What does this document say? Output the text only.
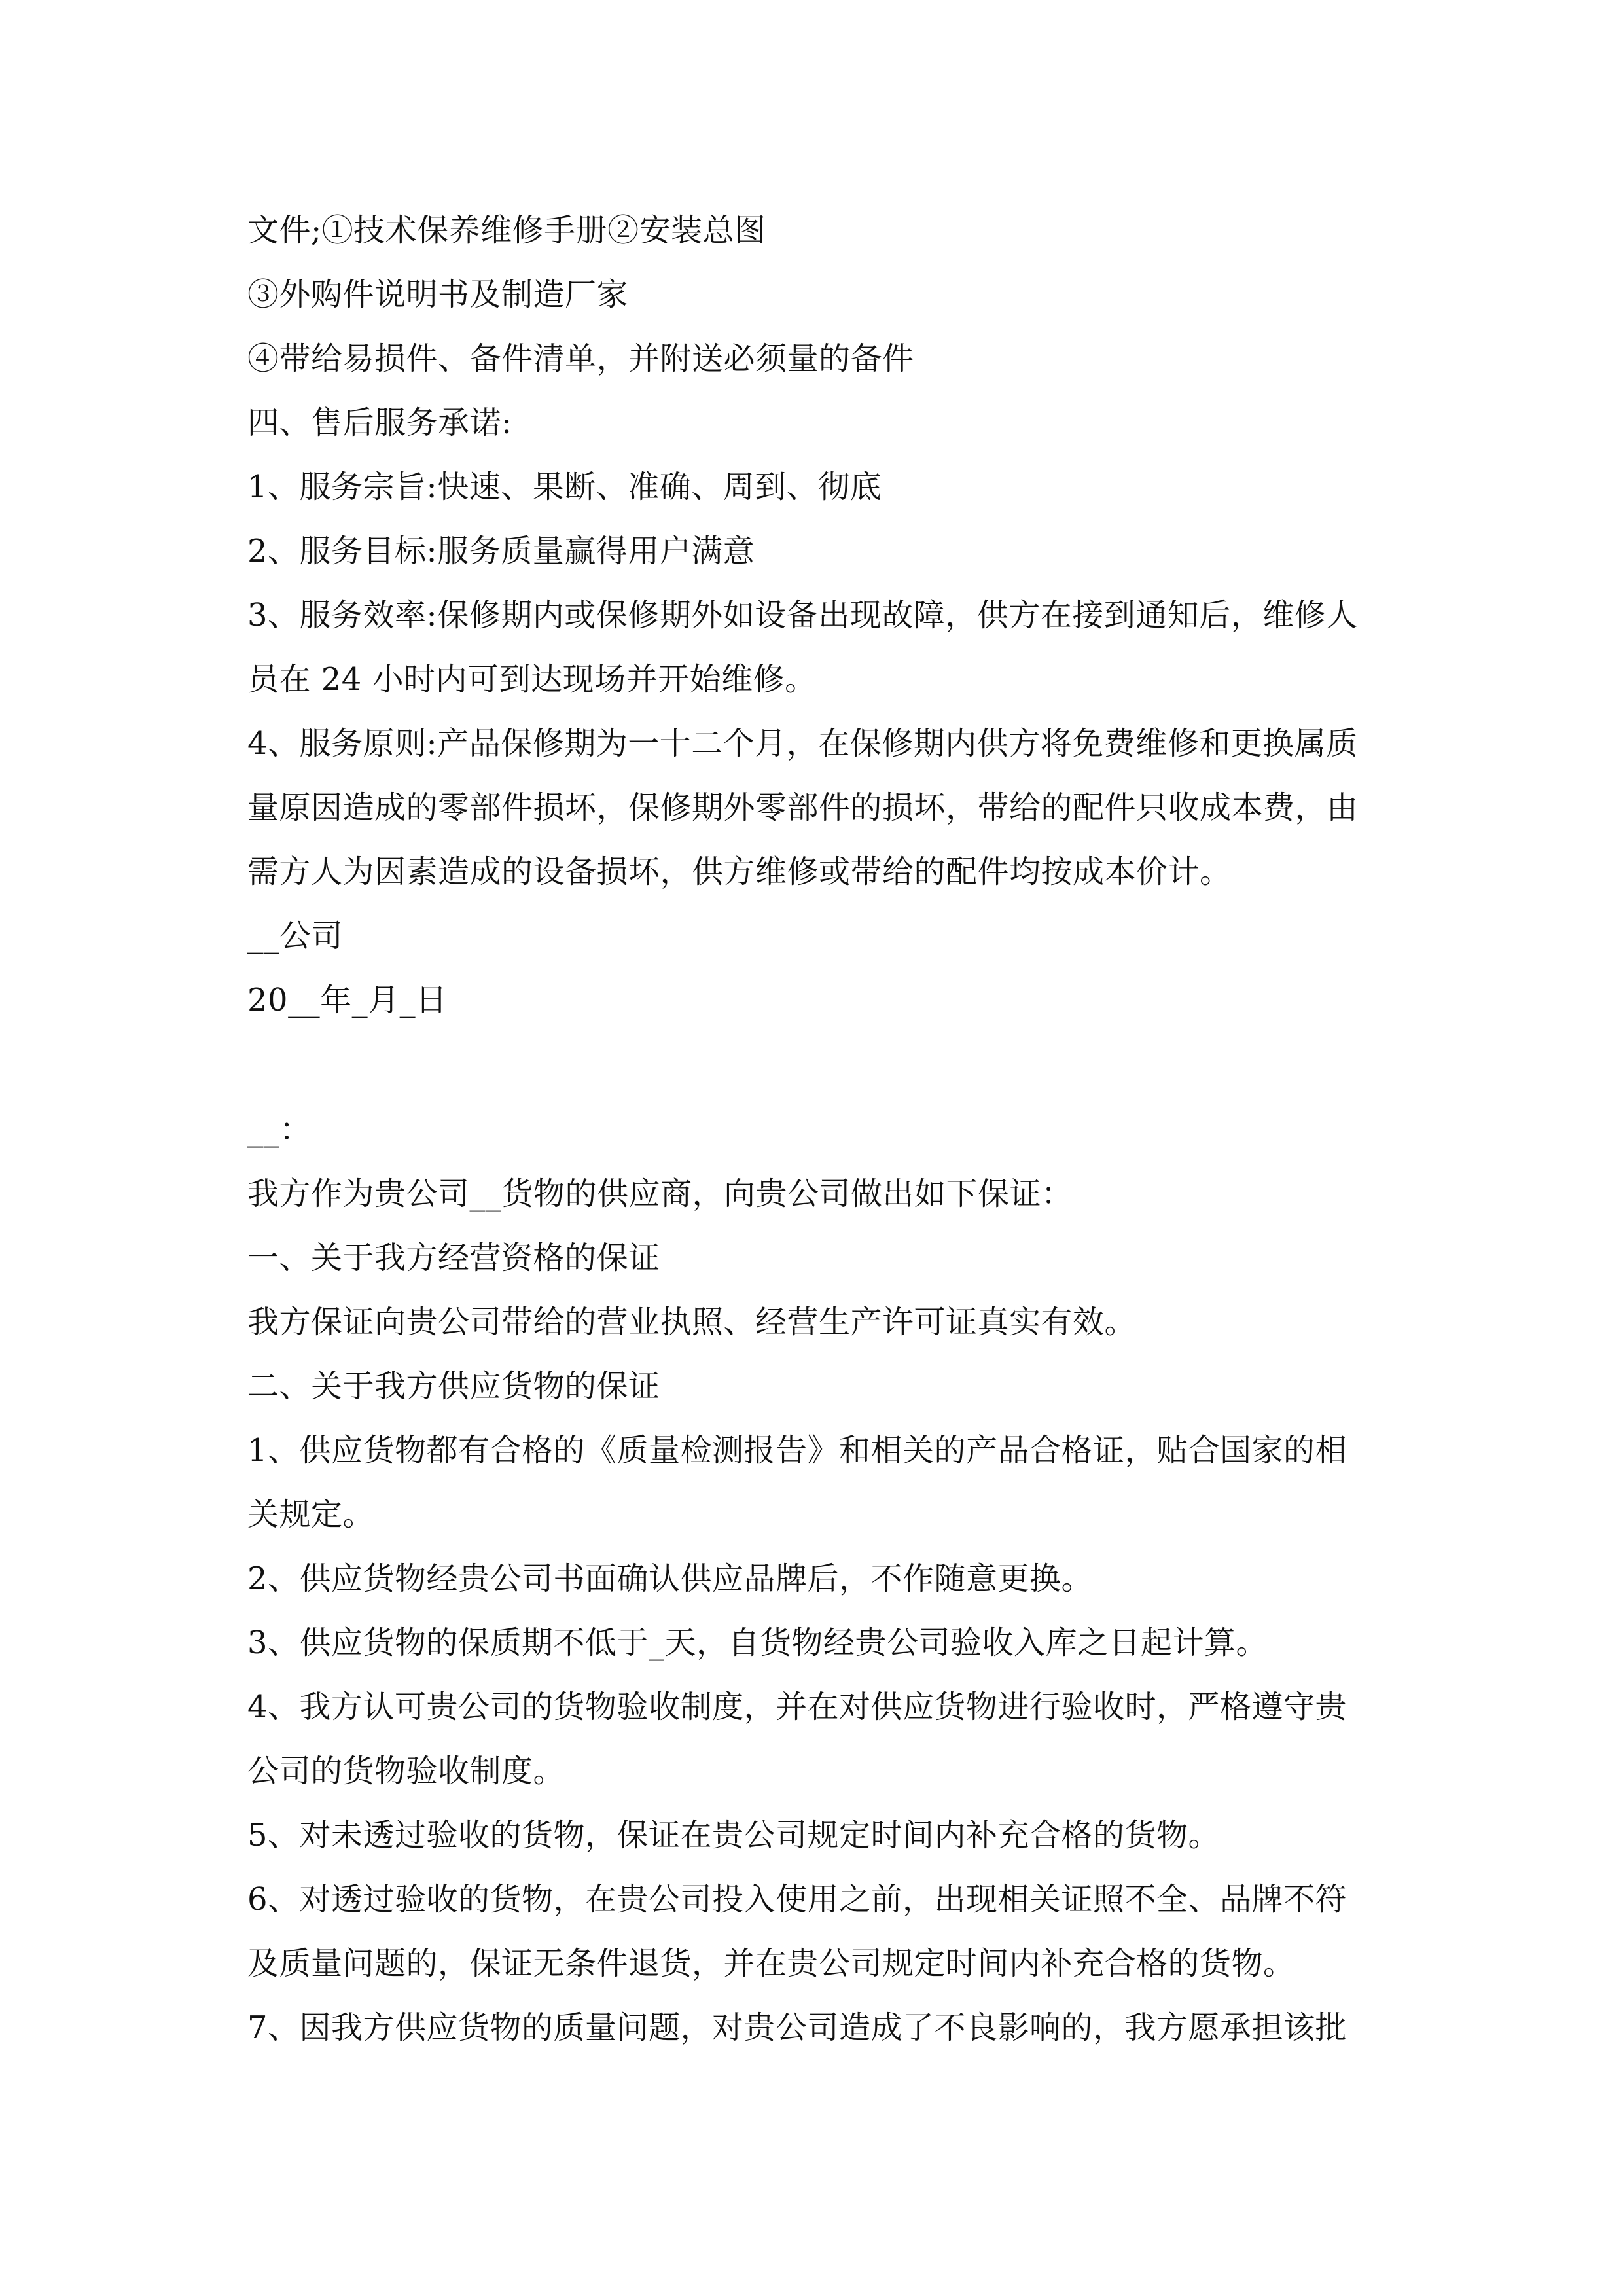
文件;①技术保养维修手册②安装总图
③外购件说明书及制造厂家
④带给易损件、备件清单，并附送必须量的备件
四、售后服务承诺:
1、服务宗旨:快速、果断、准确、周到、彻底
2、服务目标:服务质量赢得用户满意
3、服务效率:保修期内或保修期外如设备出现故障，供方在接到通知后，维修人
员在 24 小时内可到达现场并开始维修。
4、服务原则:产品保修期为一十二个月，在保修期内供方将免费维修和更换属质
量原因造成的零部件损坏，保修期外零部件的损坏，带给的配件只收成本费，由
需方人为因素造成的设备损坏，供方维修或带给的配件均按成本价计。
__公司
20__年_月_日
__：
我方作为贵公司__货物的供应商，向贵公司做出如下保证：
一、关于我方经营资格的保证
我方保证向贵公司带给的营业执照、经营生产许可证真实有效。
二、关于我方供应货物的保证
1、供应货物都有合格的《质量检测报告》和相关的产品合格证，贴合国家的相
关规定。
2、供应货物经贵公司书面确认供应品牌后，不作随意更换。
3、供应货物的保质期不低于_天，自货物经贵公司验收入库之日起计算。
4、我方认可贵公司的货物验收制度，并在对供应货物进行验收时，严格遵守贵
公司的货物验收制度。
5、对未透过验收的货物，保证在贵公司规定时间内补充合格的货物。
6、对透过验收的货物，在贵公司投入使用之前，出现相关证照不全、品牌不符
及质量问题的，保证无条件退货，并在贵公司规定时间内补充合格的货物。
7、因我方供应货物的质量问题，对贵公司造成了不良影响的，我方愿承担该批
